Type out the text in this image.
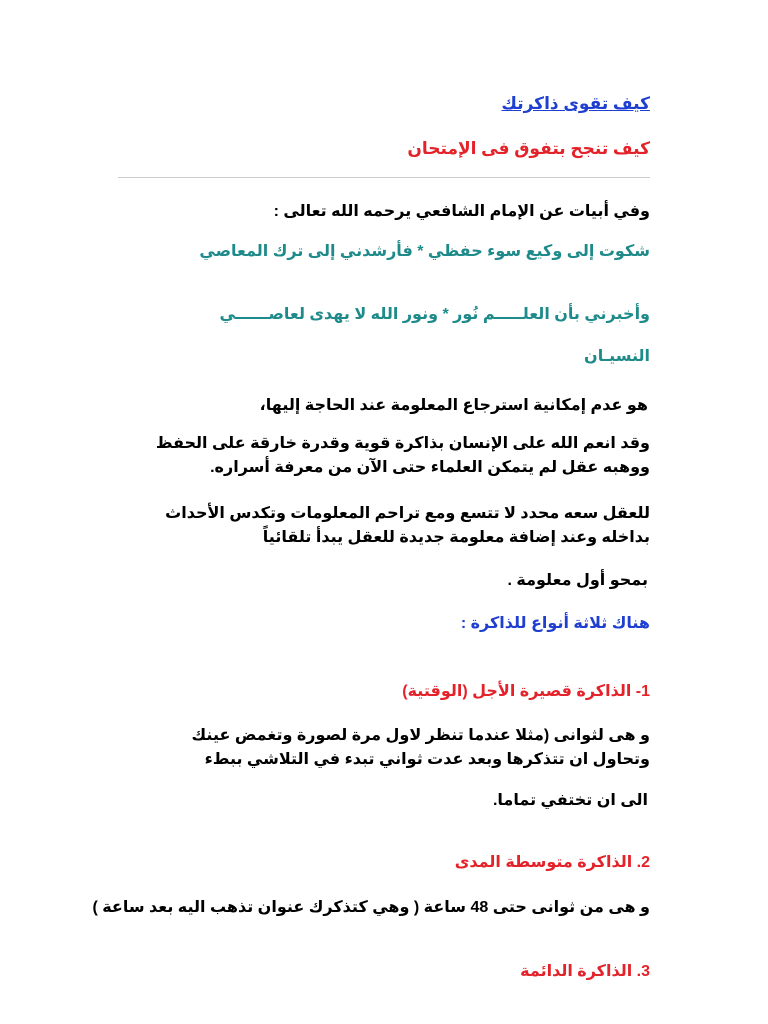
كيف تقوى ذاكرتك
كيف تنجح بتفوق فى الإمتحان
وفي أبيات عن الإمام الشافعي يرحمه الله تعالى :
شكوت إلى وكيع سوء حفظي * فأرشدني إلى ترك المعاصي
وأخبرني بأن العلـــــم نُور * ونور الله لا يهدى لعاصــــــي
النسيـان
هو عدم إمكانية استرجاع المعلومة عند الحاجة إليها،
وقد انعم الله على الإنسان بذاكرة قوية وقدرة خارقة على الحفظ ووهبه عقل لم يتمكن العلماء حتى الآن من معرفة أسراره.
للعقل سعه محدد لا تتسع ومع تراحم المعلومات وتكدس الأحداث بداخله وعند إضافة معلومة جديدة للعقل يبدأ تلقائياً
بمحو أول معلومة .
هناك ثلاثة أنواع للذاكرة :
1- الذاكرة قصيرة الأجل (الوقتية)
و هى لثوانى (مثلا عندما تنظر لاول مرة لصورة وتغمض عينك وتحاول ان تتذكرها وبعد عدت ثواني تبدء في التلاشي ببطء
الى ان تختفي تماما.
2. الذاكرة متوسطة المدى
و هى من ثوانى حتى 48 ساعة ( وهي كتذكرك عنوان تذهب اليه بعد ساعة )
3. الذاكرة الدائمة
